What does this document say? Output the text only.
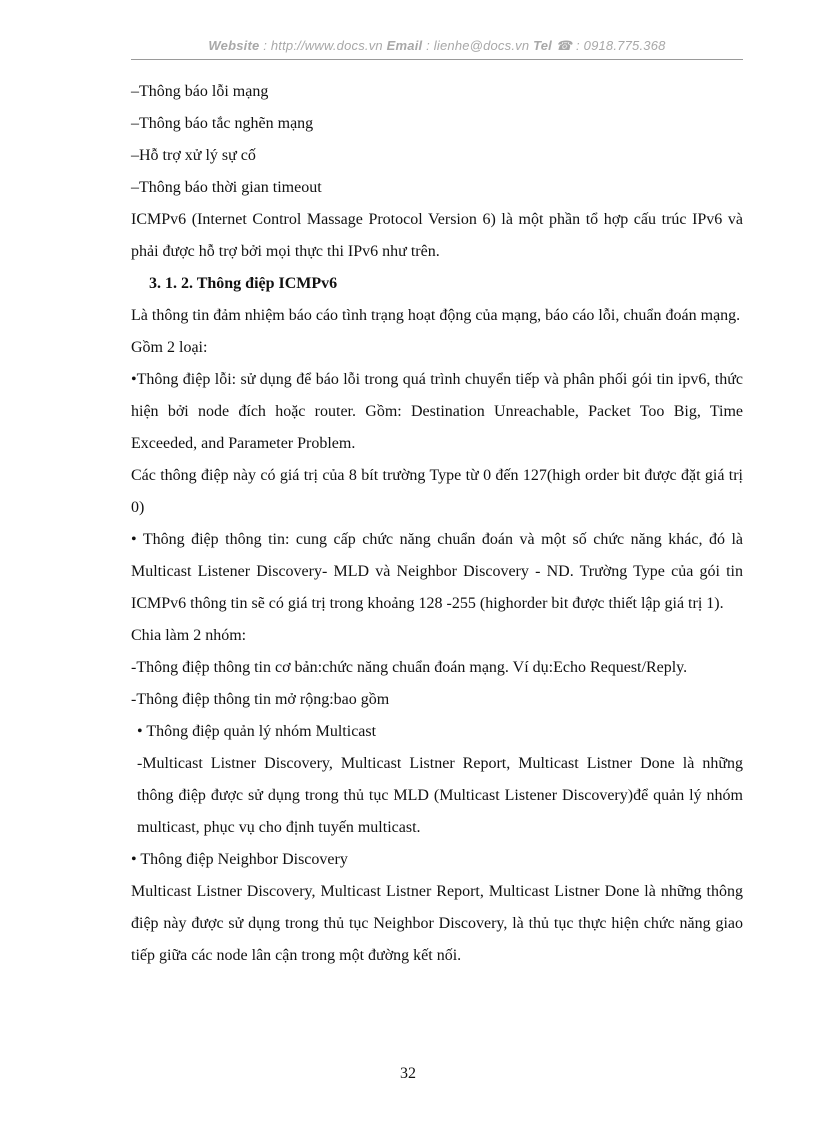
Website : http://www.docs.vn Email : lienhe@docs.vn Tel ☎ : 0918.775.368

–Thông báo lỗi mạng

–Thông báo tắc nghẽn mạng

–Hỗ trợ xử lý sự cố

–Thông báo thời gian timeout

ICMPv6 (Internet Control Massage Protocol Version 6) là một phần tổ hợp cấu trúc IPv6 và phải được hỗ trợ bởi mọi thực thi IPv6 như trên.

3. 1. 2. Thông điệp ICMPv6

Là thông tin đảm nhiệm báo cáo tình trạng hoạt động của mạng, báo cáo lỗi, chuẩn đoán mạng.

Gồm 2 loại:

•Thông điệp lỗi: sử dụng để báo lỗi trong quá trình chuyển tiếp và phân phối gói tin ipv6, thức hiện bởi node đích hoặc router. Gồm: Destination Unreachable, Packet Too Big, Time Exceeded, and Parameter Problem.

Các thông điệp này có giá trị của 8 bít trường Type từ 0 đến 127(high order bit được đặt giá trị 0)

• Thông điệp thông tin: cung cấp chức năng chuẩn đoán và một số chức năng khác, đó là Multicast Listener Discovery- MLD và Neighbor Discovery - ND. Trường Type của gói tin ICMPv6 thông tin sẽ có giá trị trong khoảng 128 -255 (highorder bit được thiết lập giá trị 1).

Chia làm 2 nhóm:

-Thông điệp thông tin cơ bản:chức năng chuẩn đoán mạng. Ví dụ:Echo Request/Reply.

-Thông điệp thông tin mở rộng:bao gồm

• Thông điệp quản lý nhóm Multicast

-Multicast Listner Discovery, Multicast Listner Report, Multicast Listner Done là những thông điệp được sử dụng trong thủ tục MLD (Multicast Listener Discovery)để quản lý nhóm multicast, phục vụ cho định tuyến multicast.

• Thông điệp Neighbor Discovery

Multicast Listner Discovery, Multicast Listner Report, Multicast Listner Done là những thông điệp này được sử dụng trong thủ tục Neighbor Discovery, là thủ tục thực hiện chức năng giao tiếp giữa các node lân cận trong một đường kết nối.

32
